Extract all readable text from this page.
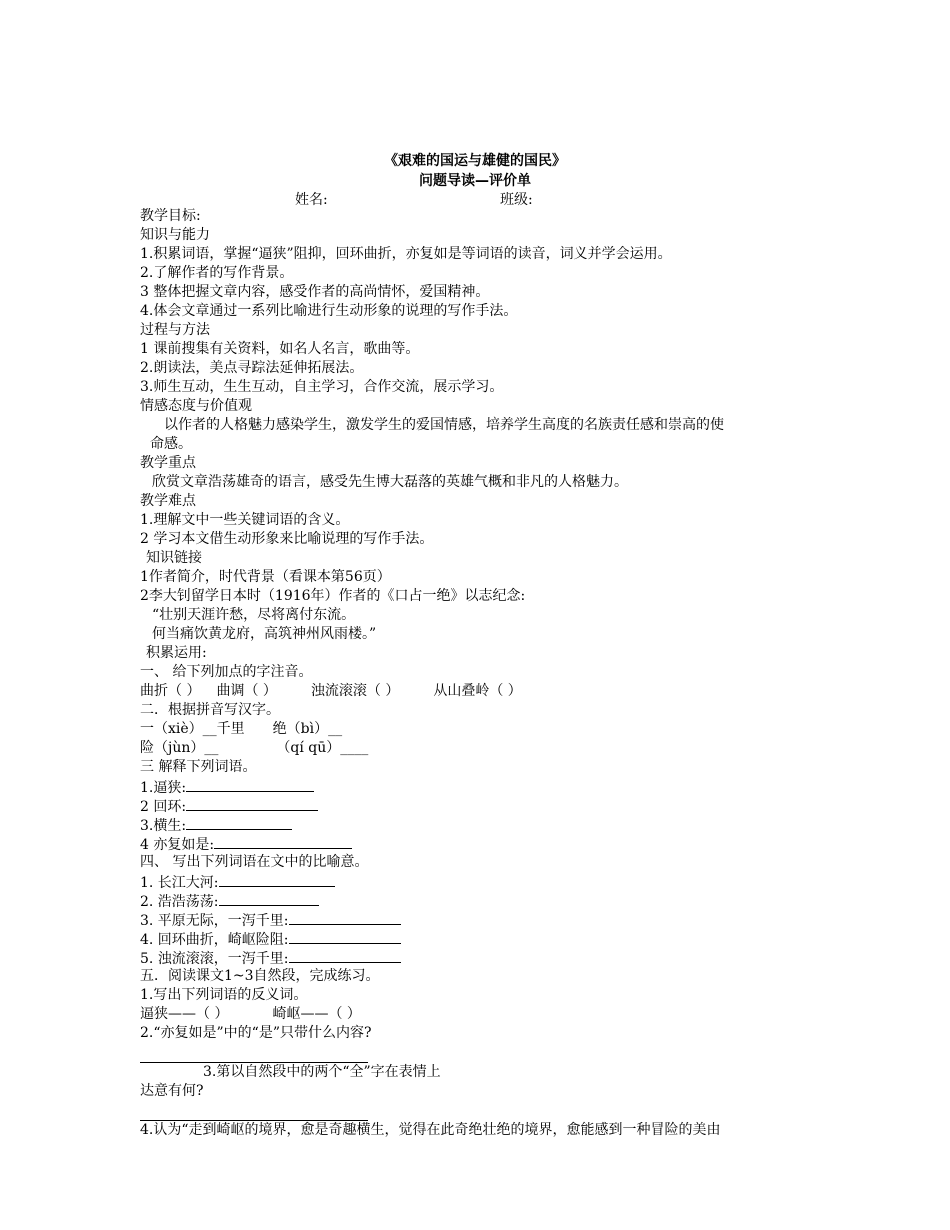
《艰难的国运与雄健的国民》
问题导读—评价单
姓名:	班级:
教学目标:
知识与能力
1.积累词语，掌握“逼狭”阻抑，回环曲折，亦复如是等词语的读音，词义并学会运用。
2.了解作者的写作背景。
3 整体把握文章内容，感受作者的高尚情怀，爱国精神。
4.体会文章通过一系列比喻进行生动形象的说理的写作手法。
过程与方法
1 课前搜集有关资料，如名人名言，歌曲等。
2.朗读法，美点寻踪法延伸拓展法。
3.师生互动，生生互动，自主学习，合作交流，展示学习。
情感态度与价值观
以作者的人格魅力感染学生，激发学生的爱国情感，培养学生高度的名族责任感和崇高的使
命感。
教学重点
欣赏文章浩荡雄奇的语言，感受先生博大磊落的英雄气概和非凡的人格魅力。
教学难点
1.理解文中一些关键词语的含义。
2 学习本文借生动形象来比喻说理的写作手法。
知识链接
1作者简介，时代背景（看课本第56页）
2李大钊留学日本时（1916年）作者的《口占一绝》以志纪念:
“壮别天涯许愁，尽将离付东流。
何当痛饮黄龙府，高筑神州风雨楼。”
积累运用:
一、 给下列加点的字注音。
曲折（ ） 曲调（ ） 浊流滚滚（ ） 从山叠岭（ ）
二．根据拼音写汉字。
一（xiè）__千里 绝（bì）__
险（jùn）__	（qí qū）____
三 解释下列词语。
1.逼狭:
2 回环:
3.横生:
4 亦复如是:
四、 写出下列词语在文中的比喻意。
1. 长江大河:
2. 浩浩荡荡:
3. 平原无际，一泻千里:
4. 回环曲折，崎岖险阻:
5. 浊流滚滚，一泻千里:
五．阅读课文1~3自然段，完成练习。
1.写出下列词语的反义词。
逼狭——（ ）	崎岖——（ ）
2.“亦复如是”中的“是”只带什么内容?
3.第以自然段中的两个“全”字在表情上
达意有何?
4.认为“走到崎岖的境界，愈是奇趣横生，觉得在此奇绝壮绝的境界，愈能感到一种冒险的美由
